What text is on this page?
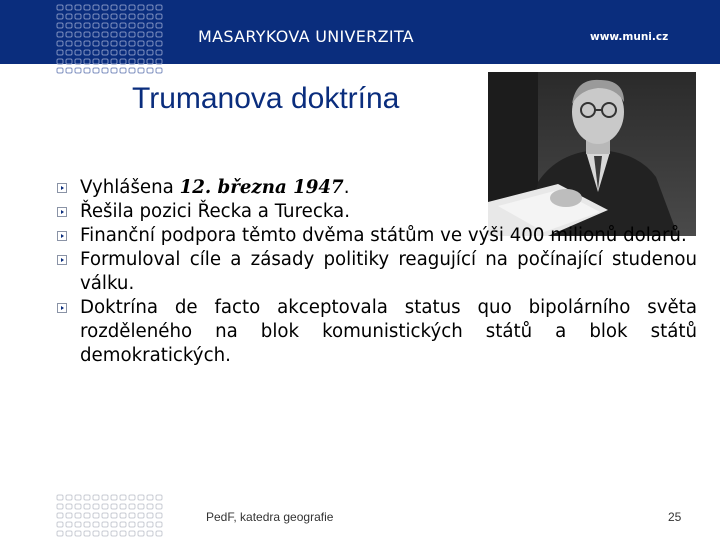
MASARYKOVA UNIVERZITA	www.muni.cz
Trumanova doktrína
Vyhlášena 12. března 1947.
Řešila pozici Řecka a Turecka.
Finanční podpora těmto dvěma státům ve výši 400 milionů dolarů.
Formuloval cíle a zásady politiky reagující na počínající studenou válku.
Doktrína de facto akceptovala status quo bipolárního světa rozděleného na blok komunistických států a blok států demokratických.
PedF, katedra geografie	25
